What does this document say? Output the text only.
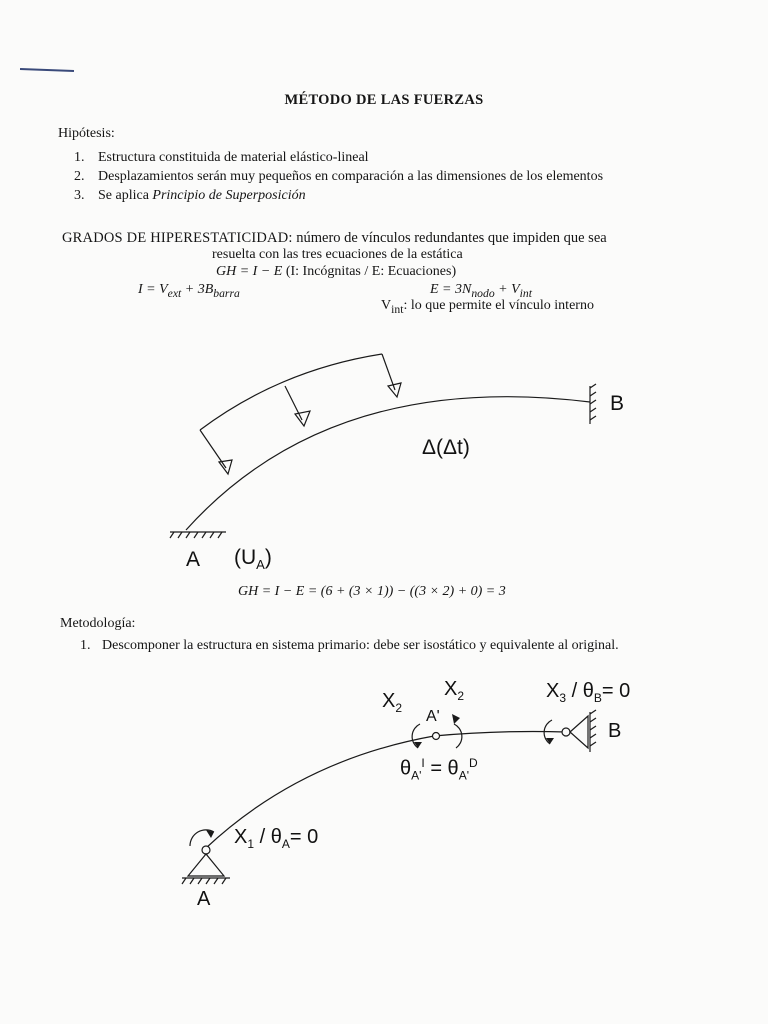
MÉTODO DE LAS FUERZAS
Hipótesis:
1. Estructura constituida de material elástico-lineal
2. Desplazamientos serán muy pequeños en comparación a las dimensiones de los elementos
3. Se aplica Principio de Superposición
GRADOS DE HIPERESTATICIDAD: número de vínculos redundantes que impiden que sea
resuelta con las tres ecuaciones de la estática
GH = I − E (I: Incógnitas / E: Ecuaciones)
$I = V_{ext} + 3B_{barra}$	$E = 3N_{nodo} + V_{int}$
$V_{int}$: lo que permite el vínculo interno
B
Δ(Δt)
A $(U_A)$
GH = I − E = (6 + (3 × 1)) − ((3 × 2) + 0) = 3
Metodología:
1. Descomponer la estructura en sistema primario: debe ser isostático y equivalente al original.
$X_2$
$X_2$
A'
$X_3 / \theta_B= 0$
B
$\theta_{A'}^I = \theta_{A'}^D$
$X_1 / \theta_A= 0$
A
